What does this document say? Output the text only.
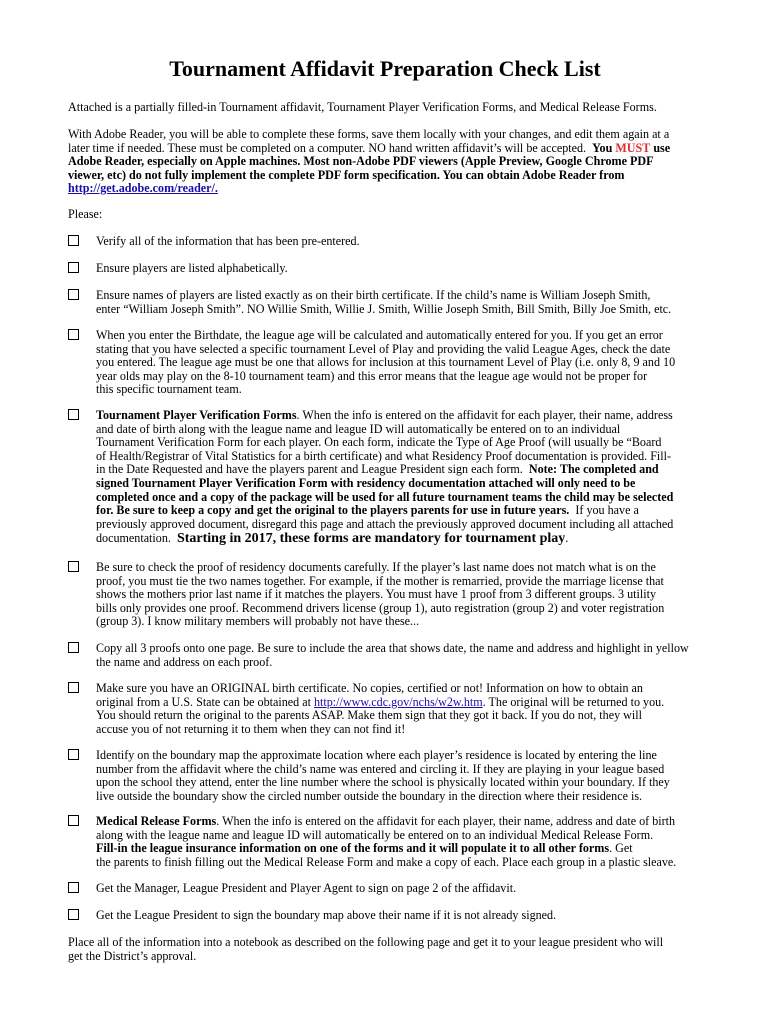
Tournament Affidavit Preparation Check List

Attached is a partially filled-in Tournament affidavit, Tournament Player Verification Forms, and Medical Release Forms.

With Adobe Reader, you will be able to complete these forms, save them locally with your changes, and edit them again at a

later time if needed. These must be completed on a computer. NO hand written affidavit’s will be accepted. You MUST use

Adobe Reader, especially on Apple machines. Most non-Adobe PDF viewers (Apple Preview, Google Chrome PDF

viewer, etc) do not fully implement the complete PDF form specification. You can obtain Adobe Reader from

http://get.adobe.com/reader/.

Please:

Verify all of the information that has been pre-entered.

Ensure players are listed alphabetically.

Ensure names of players are listed exactly as on their birth certificate. If the child’s name is William Joseph Smith,

enter “William Joseph Smith”. NO Willie Smith, Willie J. Smith, Willie Joseph Smith, Bill Smith, Billy Joe Smith, etc.

When you enter the Birthdate, the league age will be calculated and automatically entered for you. If you get an error

stating that you have selected a specific tournament Level of Play and providing the valid League Ages, check the date

you entered. The league age must be one that allows for inclusion at this tournament Level of Play (i.e. only 8, 9 and 10

year olds may play on the 8-10 tournament team) and this error means that the league age would not be proper for

this specific tournament team.

Tournament Player Verification Forms. When the info is entered on the affidavit for each player, their name, address

and date of birth along with the league name and league ID will automatically be entered on to an individual

Tournament Verification Form for each player. On each form, indicate the Type of Age Proof (will usually be “Board

of Health/Registrar of Vital Statistics for a birth certificate) and what Residency Proof documentation is provided. Fill-

in the Date Requested and have the players parent and League President sign each form. Note: The completed and

signed Tournament Player Verification Form with residency documentation attached will only need to be

completed once and a copy of the package will be used for all future tournament teams the child may be selected

for. Be sure to keep a copy and get the original to the players parents for use in future years. If you have a

previously approved document, disregard this page and attach the previously approved document including all attached

documentation. Starting in 2017, these forms are mandatory for tournament play.

Be sure to check the proof of residency documents carefully. If the player’s last name does not match what is on the

proof, you must tie the two names together. For example, if the mother is remarried, provide the marriage license that

shows the mothers prior last name if it matches the players. You must have 1 proof from 3 different groups. 3 utility

bills only provides one proof. Recommend drivers license (group 1), auto registration (group 2) and voter registration

(group 3). I know military members will probably not have these...

Copy all 3 proofs onto one page. Be sure to include the area that shows date, the name and address and highlight in yellow

the name and address on each proof.

Make sure you have an ORIGINAL birth certificate. No copies, certified or not! Information on how to obtain an

original from a U.S. State can be obtained at http://www.cdc.gov/nchs/w2w.htm. The original will be returned to you.

You should return the original to the parents ASAP. Make them sign that they got it back. If you do not, they will

accuse you of not returning it to them when they can not find it!

Identify on the boundary map the approximate location where each player’s residence is located by entering the line

number from the affidavit where the child’s name was entered and circling it. If they are playing in your league based

upon the school they attend, enter the line number where the school is physically located within your boundary. If they

live outside the boundary show the circled number outside the boundary in the direction where their residence is.

Medical Release Forms. When the info is entered on the affidavit for each player, their name, address and date of birth

along with the league name and league ID will automatically be entered on to an individual Medical Release Form.

Fill-in the league insurance information on one of the forms and it will populate it to all other forms. Get

the parents to finish filling out the Medical Release Form and make a copy of each. Place each group in a plastic sleave.

Get the Manager, League President and Player Agent to sign on page 2 of the affidavit.

Get the League President to sign the boundary map above their name if it is not already signed.

Place all of the information into a notebook as described on the following page and get it to your league president who will

get the District’s approval.
